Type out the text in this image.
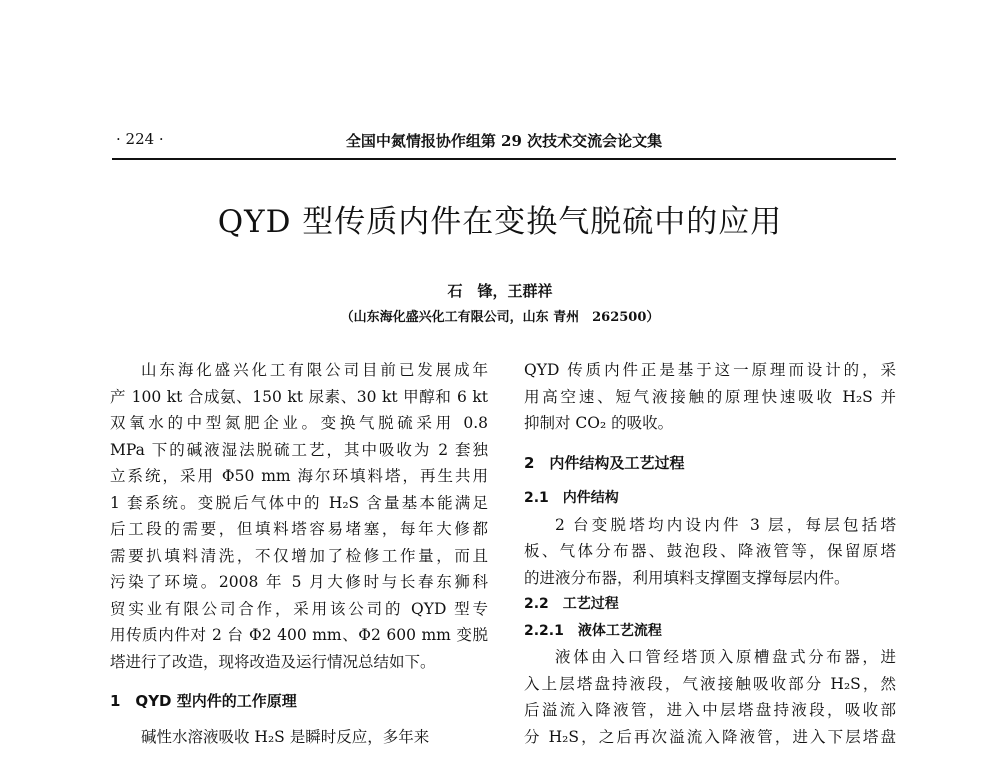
· 224 ·	全国中氮情报协作组第 29 次技术交流会论文集
QYD 型传质内件在变换气脱硫中的应用
石　锋，王群祥
（山东海化盛兴化工有限公司，山东 青州　262500）

山东海化盛兴化工有限公司目前已发展成年

产 100 kt 合成氨、150 kt 尿素、30 kt 甲醇和 6 kt

双氧水的中型氮肥企业。变换气脱硫采用 0.8

MPa 下的碱液湿法脱硫工艺，其中吸收为 2 套独

立系统，采用 Φ50 mm 海尔环填料塔，再生共用

1 套系统。变脱后气体中的 H₂S 含量基本能满足

后工段的需要，但填料塔容易堵塞，每年大修都

需要扒填料清洗，不仅增加了检修工作量，而且

污染了环境。2008 年 5 月大修时与长春东狮科

贸实业有限公司合作，采用该公司的 QYD 型专

用传质内件对 2 台 Φ2 400 mm、Φ2 600 mm 变脱

塔进行了改造，现将改造及运行情况总结如下。

1　QYD 型内件的工作原理

碱性水溶液吸收 H₂S 是瞬时反应，多年来

QYD 传质内件正是基于这一原理而设计的，采

用高空速、短气液接触的原理快速吸收 H₂S 并

抑制对 CO₂ 的吸收。

2　内件结构及工艺过程

2.1　内件结构

2 台变脱塔均内设内件 3 层，每层包括塔

板、气体分布器、鼓泡段、降液管等，保留原塔

的进液分布器，利用填料支撑圈支撑每层内件。

2.2　工艺过程

2.2.1　液体工艺流程

液体由入口管经塔顶入原槽盘式分布器，进

入上层塔盘持液段，气液接触吸收部分 H₂S，然

后溢流入降液管，进入中层塔盘持液段，吸收部

分 H₂S，之后再次溢流入降液管，进入下层塔盘
